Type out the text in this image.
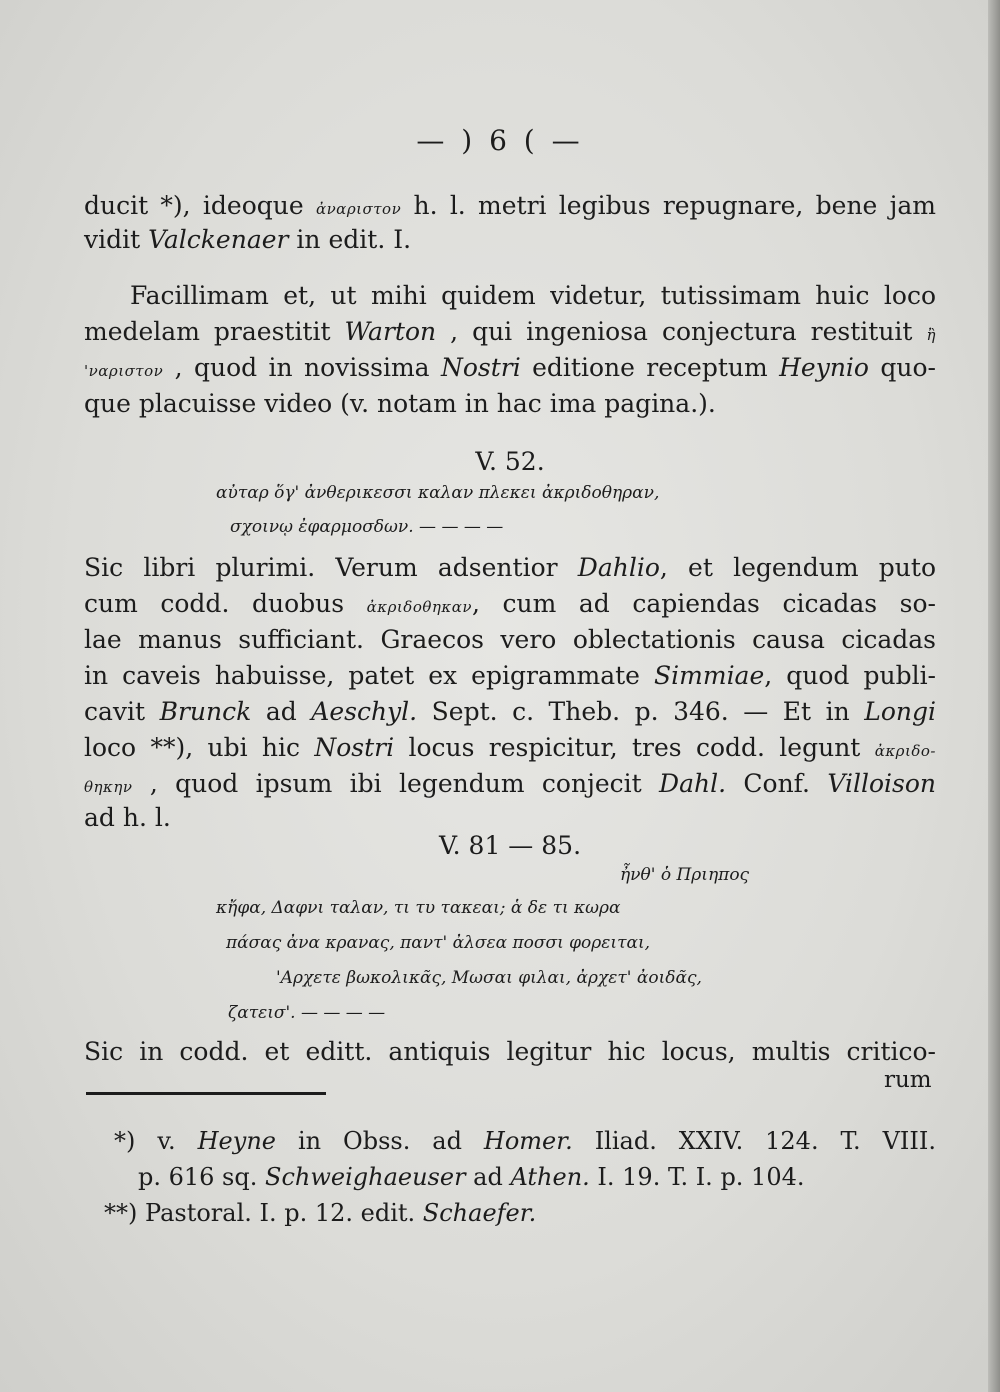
— ) 6 ( —
ducit *), ideoque ἀναριστον h. l. metri legibus repugnare, bene jam
vidit Valckenaer in edit. I.
Facillimam et, ut mihi quidem videtur, tutissimam huic loco
medelam praestitit Warton , qui ingeniosa conjectura restituit ἢ
'ναριστον , quod in novissima Nostri editione receptum Heynio quo-
que placuisse video (v. notam in hac ima pagina.).
V. 52.
αὐταρ ὅγ' ἀνθερικεσσι καλαν πλεκει ἀκριδοθηραν,
σχοινῳ ἐφαρμοσδων. — — — —
Sic libri plurimi. Verum adsentior Dahlio, et legendum puto
cum codd. duobus ἀκριδοθηκαν, cum ad capiendas cicadas so-
lae manus sufficiant. Graecos vero oblectationis causa cicadas
in caveis habuisse, patet ex epigrammate Simmiae, quod publi-
cavit Brunck ad Aeschyl. Sept. c. Theb. p. 346. — Et in Longi
loco **), ubi hic Nostri locus respicitur, tres codd. legunt ἀκριδο-
θηκην , quod ipsum ibi legendum conjecit Dahl. Conf. Villoison
ad h. l.
V. 81 — 85.
ἦνθ' ὁ Πριηπος
κἤφα, Δαφνι ταλαν, τι τυ τακεαι; ἁ δε τι κωρα
πάσας ἀνα κρανας, παντ' ἀλσεα ποσσι φορειται,
'Αρχετε βωκολικᾶς, Μωσαι φιλαι, ἀρχετ' ἀοιδᾶς,
ζατεισ'. — — — —
Sic in codd. et editt. antiquis legitur hic locus, multis critico-
rum
*) v. Heyne in Obss. ad Homer. Iliad. XXIV. 124. T. VIII.
p. 616 sq. Schweighaeuser ad Athen. I. 19. T. I. p. 104.
**) Pastoral. I. p. 12. edit. Schaefer.
